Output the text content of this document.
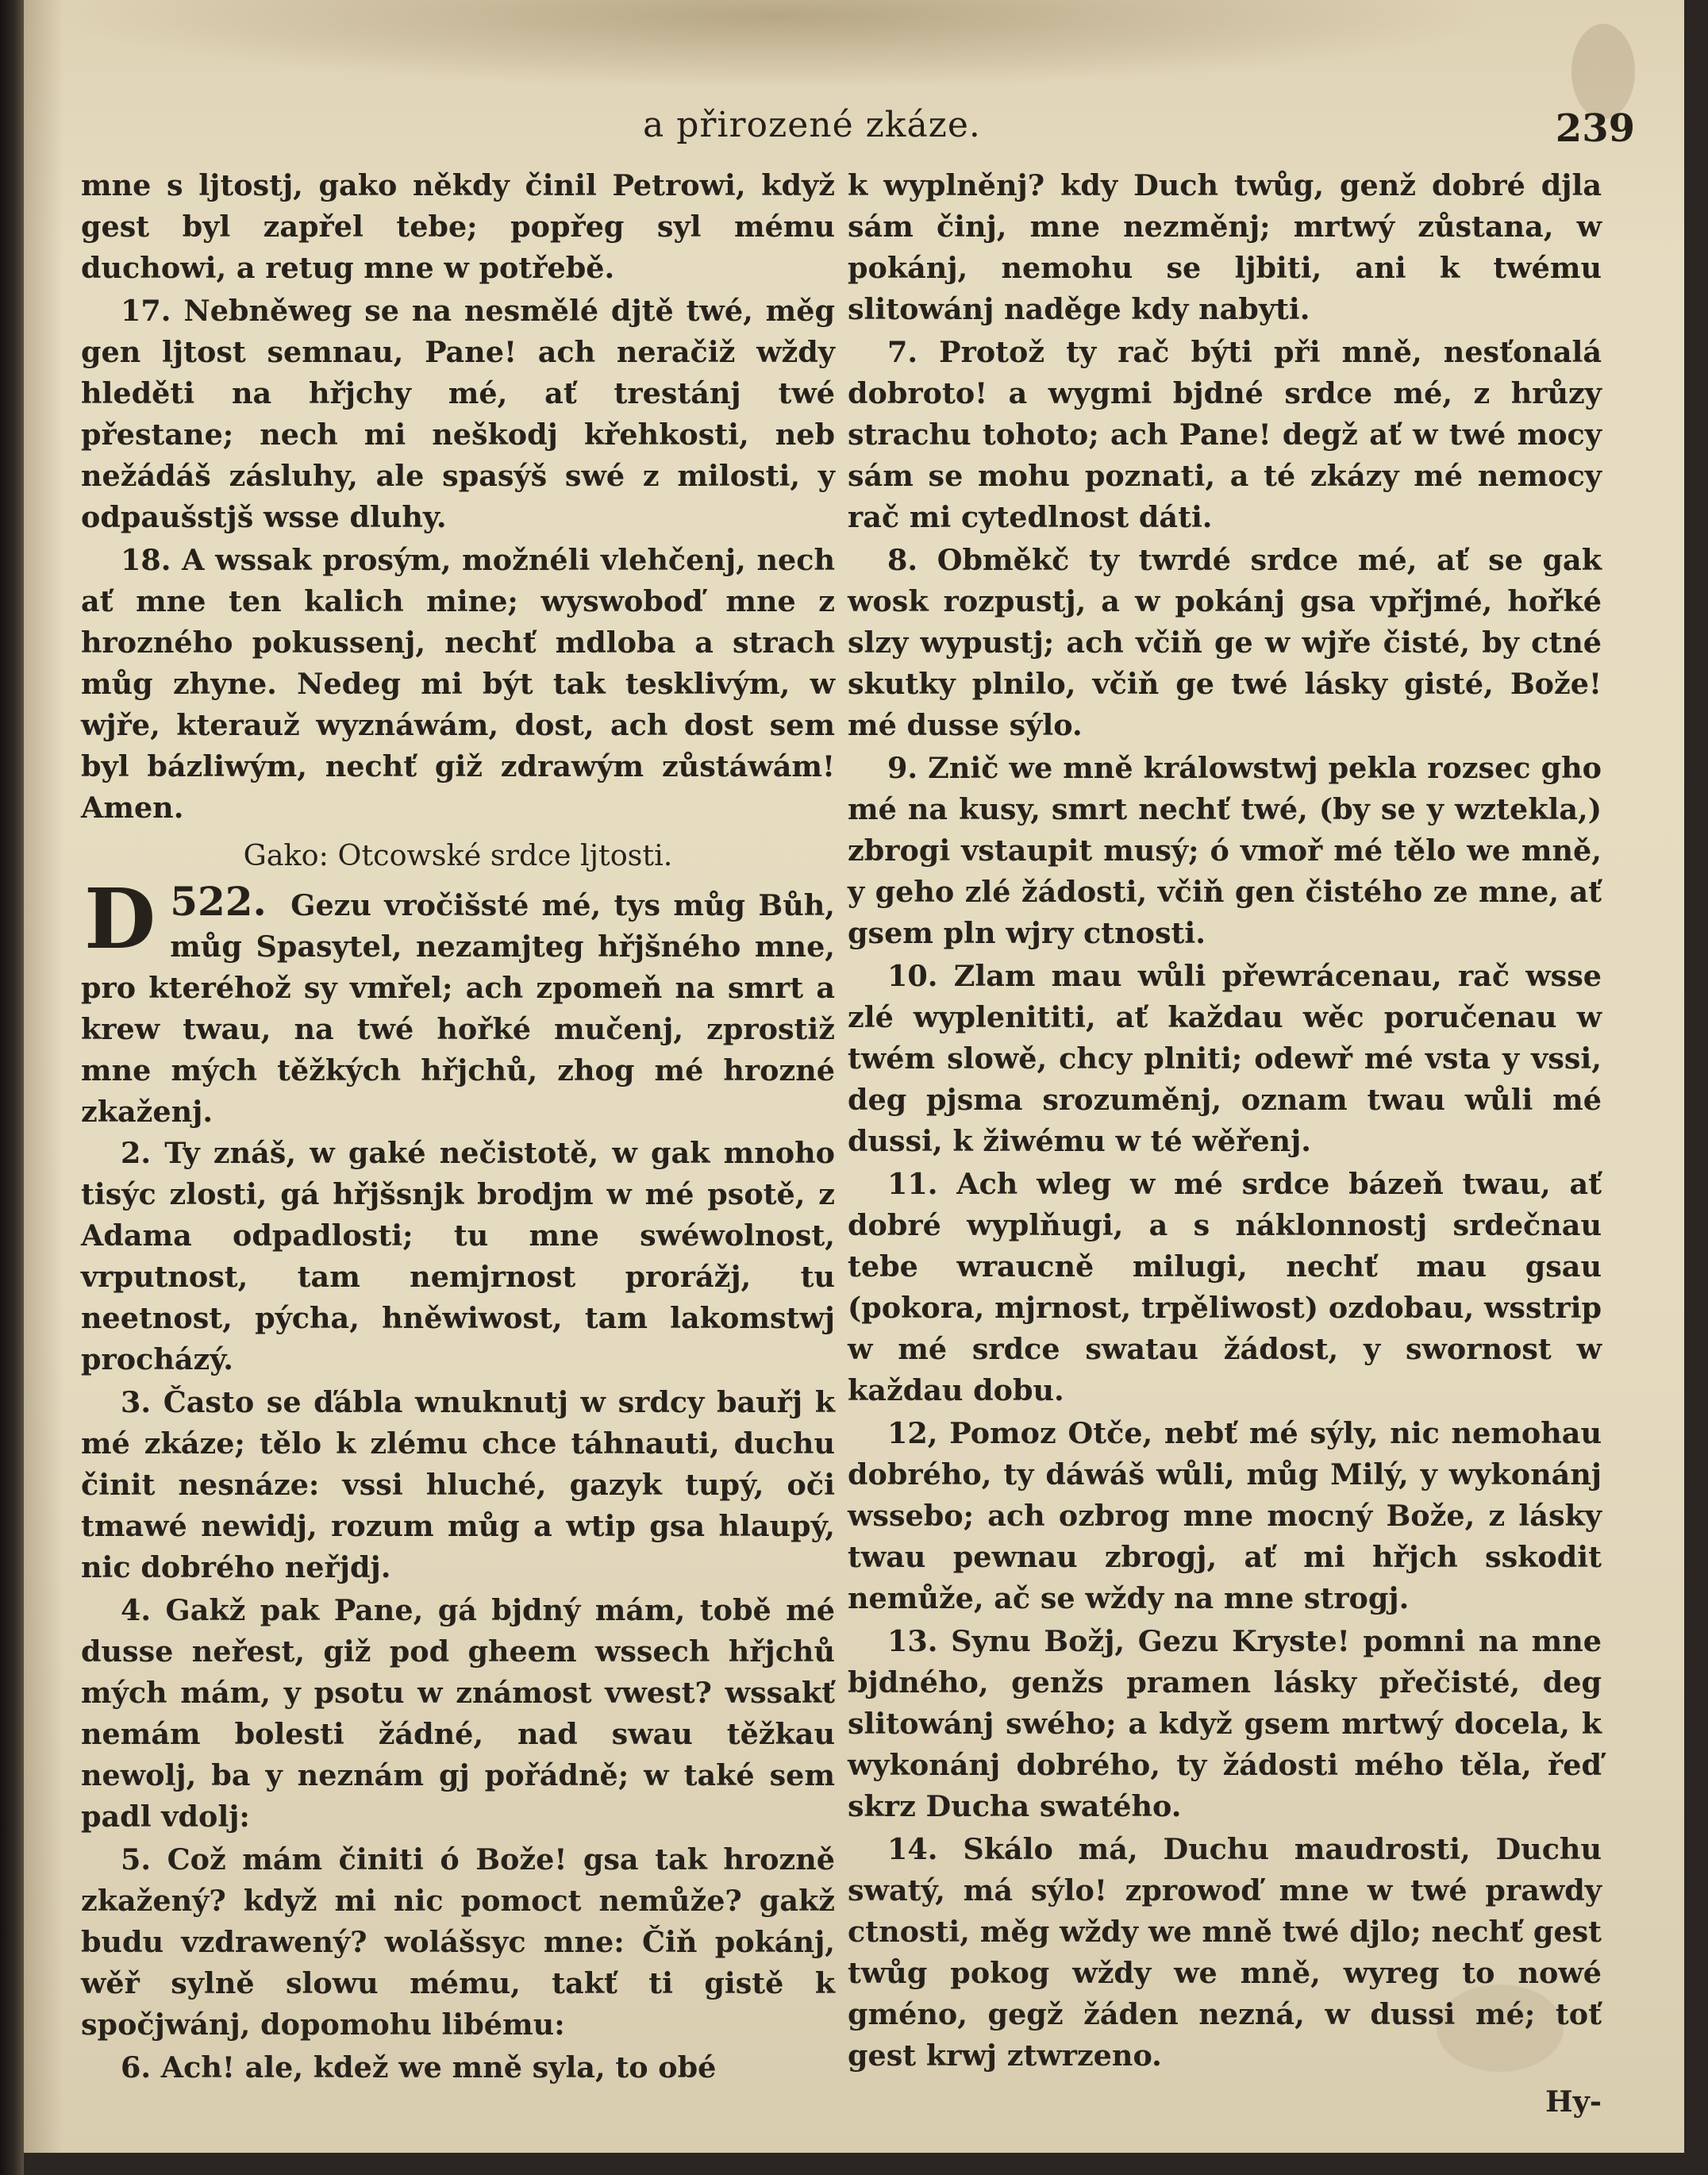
a přirozené zkáze.	239

mne s ljtostj, gako někdy činil Petrowi, když gest byl zapřel tebe; popřeg syl mému duchowi, a retug mne w potřebě.

17. Nebněweg se na nesmělé djtě twé, měg gen ljtost semnau, Pane! ach neračiž wždy hleděti na hřjchy mé, ať trestánj twé přestane; nech mi neškodj křehkosti, neb nežádáš zásluhy, ale spasýš swé z milosti, y odpaušstjš wsse dluhy.

18. A wssak prosým, možnéli vlehčenj, nech ať mne ten kalich mine; wyswoboď mne z hrozného pokussenj, nechť mdloba a strach můg zhyne. Nedeg mi být tak tesklivým, w wjře, kterauž wyznáwám, dost, ach dost sem byl bázliwým, nechť giž zdrawým zůstáwám! Amen.

Gako: Otcowské srdce ljtosti.
522.
D	Gezu vročišsté mé, tys můg Bůh, můg Spasytel, nezamjteg hřjšného mne, pro kteréhož sy vmřel; ach zpomeň na smrt a krew twau, na twé hořké mučenj, zprostiž mne mých těžkých hřjchů, zhog mé hrozné zkaženj.

2. Ty znáš, w gaké nečistotě, w gak mnoho tisýc zlosti, gá hřjšsnjk brodjm w mé psotě, z Adama odpadlosti; tu mne swéwolnost, vrputnost, tam nemjrnost prorážj, tu neetnost, pýcha, hněwiwost, tam lakomstwj procházý.

3. Často se ďábla wnuknutj w srdcy bauřj k mé zkáze; tělo k zlému chce táhnauti, duchu činit nesnáze: vssi hluché, gazyk tupý, oči tmawé newidj, rozum můg a wtip gsa hlaupý, nic dobrého neřjdj.

4. Gakž pak Pane, gá bjdný mám, tobě mé dusse neřest, giž pod gheem wssech hřjchů mých mám, y psotu w známost vwest? wssakť nemám bolesti žádné, nad swau těžkau newolj, ba y neznám gj pořádně; w také sem padl vdolj:

5. Což mám činiti ó Bože! gsa tak hrozně zkažený? když mi nic pomoct nemůže? gakž budu vzdrawený? wolášsyc mne: Čiň pokánj, wěř sylně slowu mému, takť ti gistě k spočjwánj, dopomohu libému:

6. Ach! ale, kdež we mně syla, to obé

k wyplněnj? kdy Duch twůg, genž dobré djla sám činj, mne nezměnj; mrtwý zůstana, w pokánj, nemohu se ljbiti, ani k twému slitowánj naděge kdy nabyti.

7. Protož ty rač býti při mně, nesťonalá dobroto! a wygmi bjdné srdce mé, z hrůzy strachu tohoto; ach Pane! degž ať w twé mocy sám se mohu poznati, a té zkázy mé nemocy rač mi cytedlnost dáti.

8. Obměkč ty twrdé srdce mé, ať se gak wosk rozpustj, a w pokánj gsa vpřjmé, hořké slzy wypustj; ach včiň ge w wjře čisté, by ctné skutky plnilo, včiň ge twé lásky gisté, Bože! mé dusse sýlo.

9. Znič we mně králowstwj pekla rozsec gho mé na kusy, smrt nechť twé, (by se y wztekla,) zbrogi vstaupit musý; ó vmoř mé tělo we mně, y geho zlé žádosti, včiň gen čistého ze mne, ať gsem pln wjry ctnosti.

10. Zlam mau wůli přewrácenau, rač wsse zlé wyplenititi, ať každau wěc poručenau w twém slowě, chcy plniti; odewř mé vsta y vssi, deg pjsma srozuměnj, oznam twau wůli mé dussi, k žiwému w té wěřenj.

11. Ach wleg w mé srdce bázeň twau, ať dobré wyplňugi, a s náklonnostj srdečnau tebe wraucně milugi, nechť mau gsau (pokora, mjrnost, trpěliwost) ozdobau, wsstrip w mé srdce swatau žádost, y swornost w každau dobu.

12, Pomoz Otče, nebť mé sýly, nic nemohau dobrého, ty dáwáš wůli, můg Milý, y wykonánj wssebo; ach ozbrog mne mocný Bože, z lásky twau pewnau zbrogj, ať mi hřjch sskodit nemůže, ač se wždy na mne strogj.

13. Synu Božj, Gezu Kryste! pomni na mne bjdného, genžs pramen lásky přečisté, deg slitowánj swého; a když gsem mrtwý docela, k wykonánj dobrého, ty žádosti mého těla, řeď skrz Ducha swatého.

14. Skálo má, Duchu maudrosti, Duchu swatý, má sýlo! zprowoď mne w twé prawdy ctnosti, měg wždy we mně twé djlo; nechť gest twůg pokog wždy we mně, wyreg to nowé gméno, gegž žáden nezná, w dussi mé; toť gest krwj ztwrzeno.

Hy-
